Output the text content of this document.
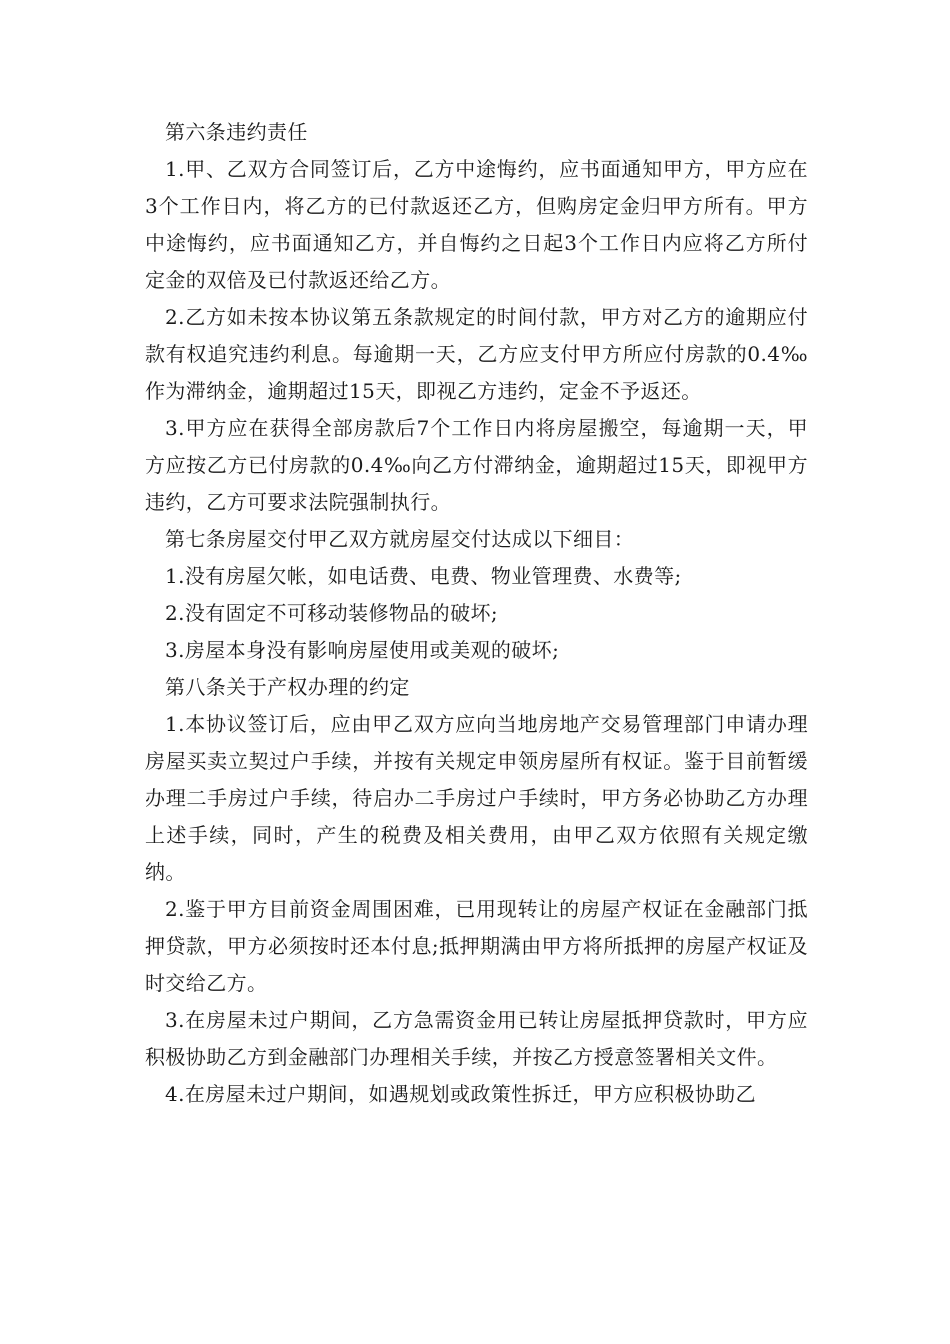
第六条违约责任

1.甲、乙双方合同签订后，乙方中途悔约，应书面通知甲方，甲方应在3个工作日内，将乙方的已付款返还乙方，但购房定金归甲方所有。甲方中途悔约，应书面通知乙方，并自悔约之日起3个工作日内应将乙方所付定金的双倍及已付款返还给乙方。

2.乙方如未按本协议第五条款规定的时间付款，甲方对乙方的逾期应付款有权追究违约利息。每逾期一天，乙方应支付甲方所应付房款的0.4‰作为滞纳金，逾期超过15天，即视乙方违约，定金不予返还。

3.甲方应在获得全部房款后7个工作日内将房屋搬空，每逾期一天，甲方应按乙方已付房款的0.4‰向乙方付滞纳金，逾期超过15天，即视甲方违约，乙方可要求法院强制执行。

第七条房屋交付甲乙双方就房屋交付达成以下细目：

1.没有房屋欠帐，如电话费、电费、物业管理费、水费等;

2.没有固定不可移动装修物品的破坏;

3.房屋本身没有影响房屋使用或美观的破坏;

第八条关于产权办理的约定

1.本协议签订后，应由甲乙双方应向当地房地产交易管理部门申请办理房屋买卖立契过户手续，并按有关规定申领房屋所有权证。鉴于目前暂缓办理二手房过户手续，待启办二手房过户手续时，甲方务必协助乙方办理上述手续，同时，产生的税费及相关费用，由甲乙双方依照有关规定缴纳。

2.鉴于甲方目前资金周围困难，已用现转让的房屋产权证在金融部门抵押贷款，甲方必须按时还本付息;抵押期满由甲方将所抵押的房屋产权证及时交给乙方。

3.在房屋未过户期间，乙方急需资金用已转让房屋抵押贷款时，甲方应积极协助乙方到金融部门办理相关手续，并按乙方授意签署相关文件。

4.在房屋未过户期间，如遇规划或政策性拆迁，甲方应积极协助乙
